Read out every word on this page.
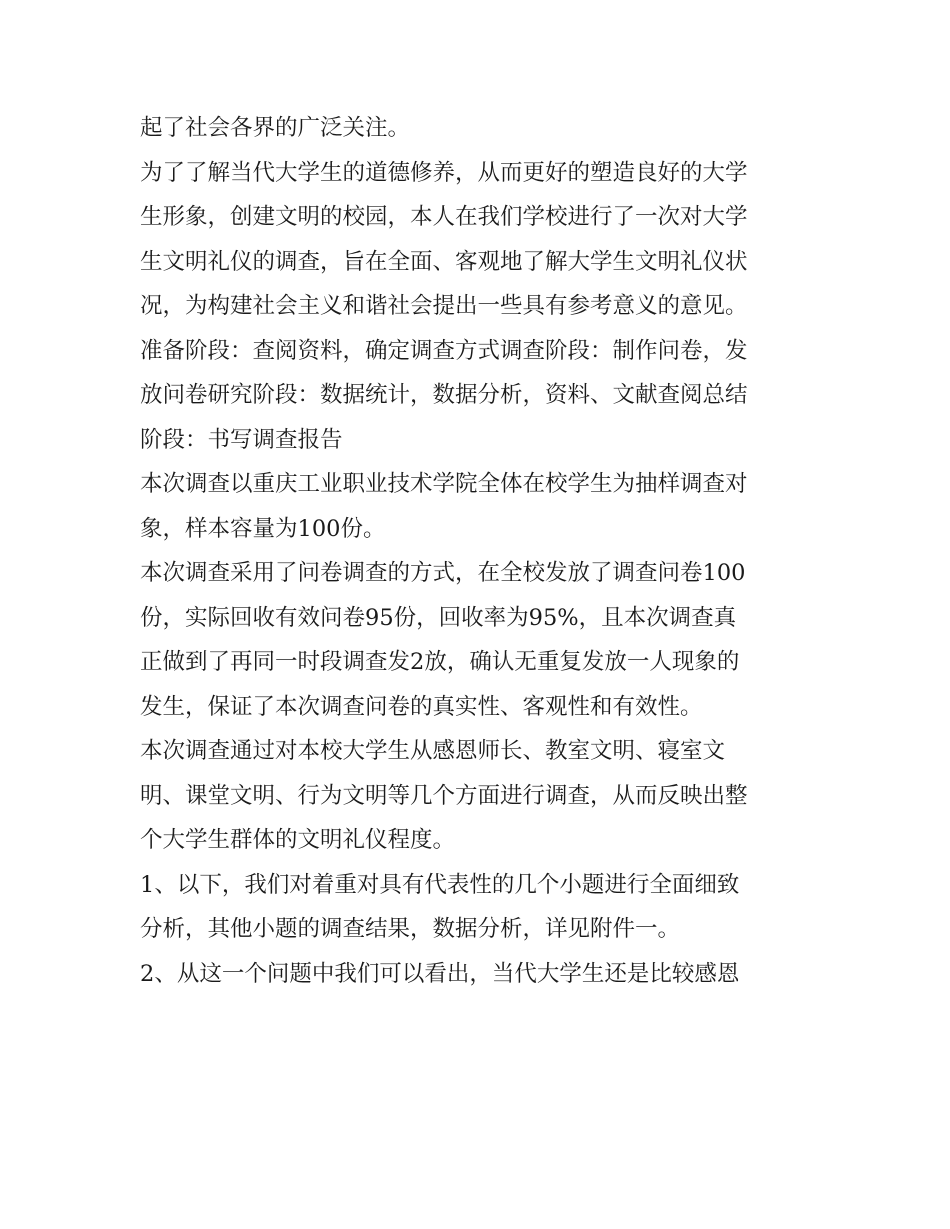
起了社会各界的广泛关注。
为了了解当代大学生的道德修养，从而更好的塑造良好的大学
生形象，创建文明的校园，本人在我们学校进行了一次对大学
生文明礼仪的调查，旨在全面、客观地了解大学生文明礼仪状
况，为构建社会主义和谐社会提出一些具有参考意义的意见。
准备阶段：查阅资料，确定调查方式调查阶段：制作问卷，发
放问卷研究阶段：数据统计，数据分析，资料、文献查阅总结
阶段：书写调查报告
本次调查以重庆工业职业技术学院全体在校学生为抽样调查对
象，样本容量为100份。
本次调查采用了问卷调查的方式，在全校发放了调查问卷100
份，实际回收有效问卷95份，回收率为95%，且本次调查真
正做到了再同一时段调查发2放，确认无重复发放一人现象的
发生，保证了本次调查问卷的真实性、客观性和有效性。
本次调查通过对本校大学生从感恩师长、教室文明、寝室文
明、课堂文明、行为文明等几个方面进行调查，从而反映出整
个大学生群体的文明礼仪程度。
1、以下，我们对着重对具有代表性的几个小题进行全面细致
分析，其他小题的调查结果，数据分析，详见附件一。
2、从这一个问题中我们可以看出，当代大学生还是比较感恩
